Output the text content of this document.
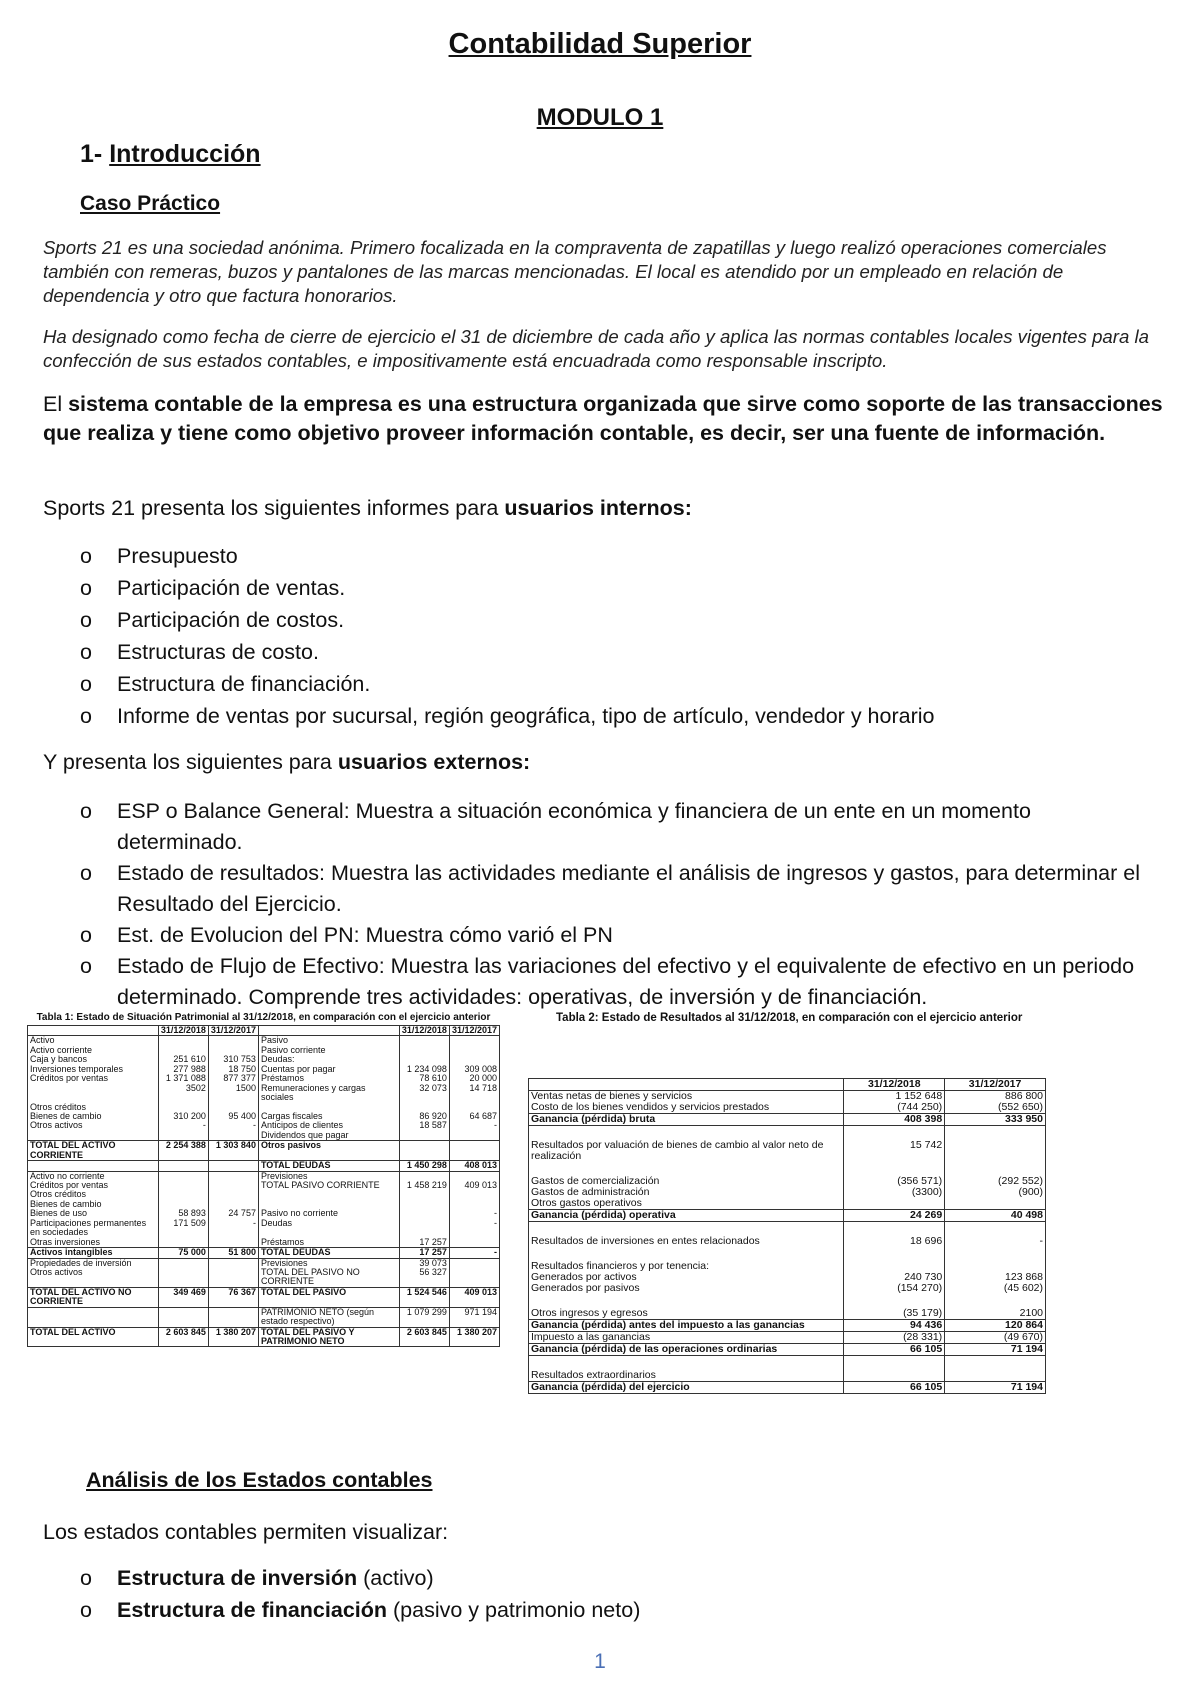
Contabilidad Superior
MODULO 1
1- Introducción
Caso Práctico
Sports 21 es una sociedad anónima. Primero focalizada en la compraventa de zapatillas y luego realizó operaciones comerciales también con remeras, buzos y pantalones de las marcas mencionadas. El local es atendido por un empleado en relación de dependencia y otro que factura honorarios.
Ha designado como fecha de cierre de ejercicio el 31 de diciembre de cada año y aplica las normas contables locales vigentes para la confección de sus estados contables, e impositivamente está encuadrada como responsable inscripto.
El sistema contable de la empresa es una estructura organizada que sirve como soporte de las transacciones que realiza y tiene como objetivo proveer información contable, es decir, ser una fuente de información.
Sports 21 presenta los siguientes informes para usuarios internos:
o	Presupuesto
o	Participación de ventas.
o	Participación de costos.
o	Estructuras de costo.
o	Estructura de financiación.
o	Informe de ventas por sucursal, región geográfica, tipo de artículo, vendedor y horario
Y presenta los siguientes para usuarios externos:
o	ESP o Balance General: Muestra a situación económica y financiera de un ente en un momento determinado.
o	Estado de resultados: Muestra las actividades mediante el análisis de ingresos y gastos, para determinar el Resultado del Ejercicio.
o	Est. de Evolucion del PN: Muestra cómo varió el PN
o	Estado de Flujo de Efectivo: Muestra las variaciones del efectivo y el equivalente de efectivo en un periodo determinado. Comprende tres actividades: operativas, de inversión y de financiación.
Tabla 1: Estado de Situación Patrimonial al 31/12/2018, en comparación con el ejercicio anterior
	31/12/2018	31/12/2017		31/12/2018	31/12/2017
Activo			Pasivo		
Activo corriente			Pasivo corriente		
Caja y bancos	251 610	310 753	Deudas:		
Inversiones temporales	277 988	18 750	Cuentas por pagar	1 234 098	309 008
Créditos por ventas	1 371 088	877 377	Préstamos	78 610	20 000
	3502	1500	Remuneraciones y cargas sociales	32 073	14 718
Otros créditos					
Bienes de cambio	310 200	95 400	Cargas fiscales	86 920	64 687
Otros activos	-	-	Anticipos de clientes	18 587	-
			Dividendos que pagar		
TOTAL DEL ACTIVO CORRIENTE	2 254 388	1 303 840	Otros pasivos		
			TOTAL DEUDAS	1 450 298	408 013
Activo no corriente			Previsiones		
Créditos por ventas			TOTAL PASIVO CORRIENTE	1 458 219	409 013
Otros créditos					
Bienes de cambio					
Bienes de uso	58 893	24 757	Pasivo no corriente		-
Participaciones permanentes en sociedades	171 509	-	Deudas		-
Otras inversiones			Préstamos	17 257	
Activos intangibles	75 000	51 800	TOTAL DEUDAS	17 257	-
Propiedades de inversión			Previsiones	39 073	
Otros activos			TOTAL DEL PASIVO NO CORRIENTE	56 327	
TOTAL DEL ACTIVO NO CORRIENTE	349 469	76 367	TOTAL DEL PASIVO	1 524 546	409 013
			PATRIMONIO NETO (según estado respectivo)	1 079 299	971 194
TOTAL DEL ACTIVO	2 603 845	1 380 207	TOTAL DEL PASIVO Y PATRIMONIO NETO	2 603 845	1 380 207
Tabla 2: Estado de Resultados al 31/12/2018, en comparación con el ejercicio anterior
	31/12/2018	31/12/2017
Ventas netas de bienes y servicios	1 152 648	886 800
Costo de los bienes vendidos y servicios prestados	(744 250)	(552 650)
Ganancia (pérdida) bruta	408 398	333 950

Resultados por valuación de bienes de cambio al valor neto de realización	15 742	

Gastos de comercialización	(356 571)	(292 552)
Gastos de administración	(3300)	(900)
Otros gastos operativos		
Ganancia (pérdida) operativa	24 269	40 498

Resultados de inversiones en entes relacionados	18 696	-

Resultados financieros y por tenencia:		
Generados por activos	240 730	123 868
Generados por pasivos	(154 270)	(45 602)

Otros ingresos y egresos	(35 179)	2100
Ganancia (pérdida) antes del impuesto a las ganancias	94 436	120 864
Impuesto a las ganancias	(28 331)	(49 670)
Ganancia (pérdida) de las operaciones ordinarias	66 105	71 194

Resultados extraordinarios		
Ganancia (pérdida) del ejercicio	66 105	71 194
Análisis de los Estados contables
Los estados contables permiten visualizar:
o	Estructura de inversión (activo)
o	Estructura de financiación (pasivo y patrimonio neto)
1
